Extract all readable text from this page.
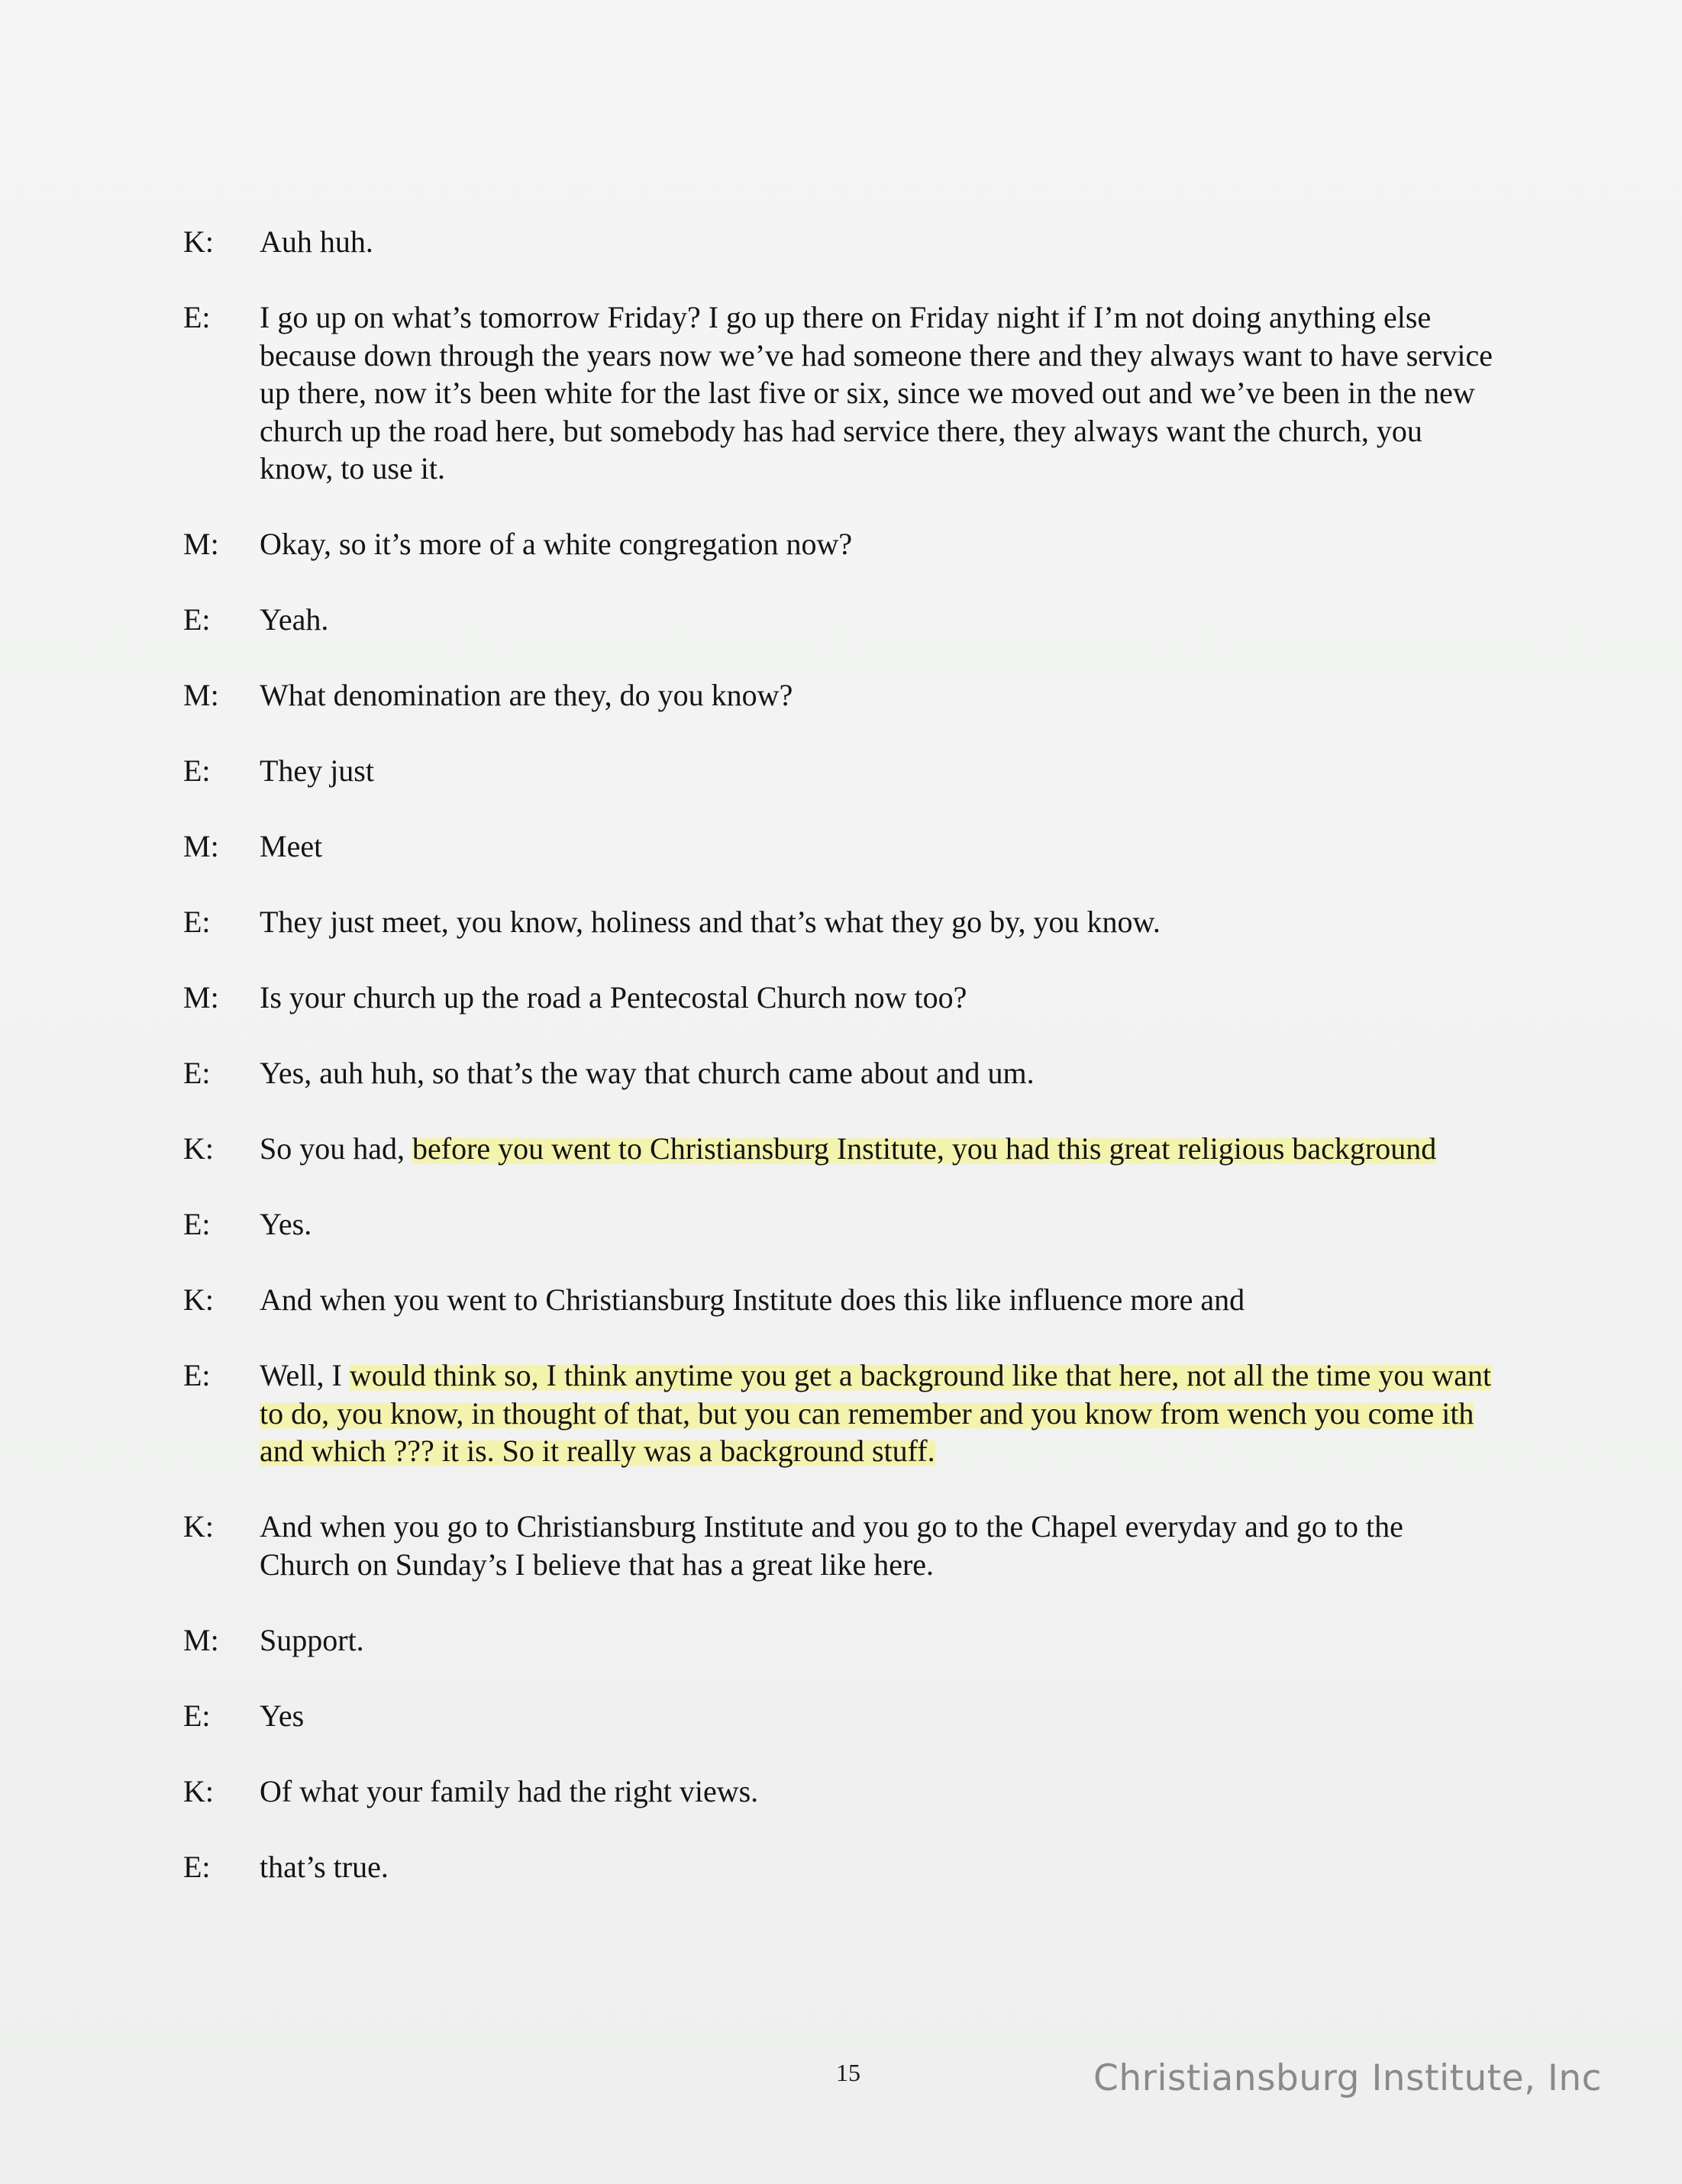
K:	Auh huh.
E:	I go up on what’s tomorrow Friday? I go up there on Friday night if I’m not doing anything else because down through the years now we’ve had someone there and they always want to have service up there, now it’s been white for the last five or six, since we moved out and we’ve been in the new church up the road here, but somebody has had service there, they always want the church, you know, to use it.
M:	Okay, so it’s more of a white congregation now?
E:	Yeah.
M:	What denomination are they, do you know?
E:	They just
M:	Meet
E:	They just meet, you know, holiness and that’s what they go by, you know.
M:	Is your church up the road a Pentecostal Church now too?
E:	Yes, auh huh, so that’s the way that church came about and um.
K:	So you had, before you went to Christiansburg Institute, you had this great religious background
E:	Yes.
K:	And when you went to Christiansburg Institute does this like influence more and
E:	Well, I would think so, I think anytime you get a background like that here, not all the time you want to do, you know, in thought of that, but you can remember and you know from wench you come ith and which ??? it is. So it really was a background stuff.
K:	And when you go to Christiansburg Institute and you go to the Chapel everyday and go to the Church on Sunday’s I believe that has a great like here.
M:	Support.
E:	Yes
K:	Of what your family had the right views.
E:	that’s true.
15	Christiansburg Institute, Inc
